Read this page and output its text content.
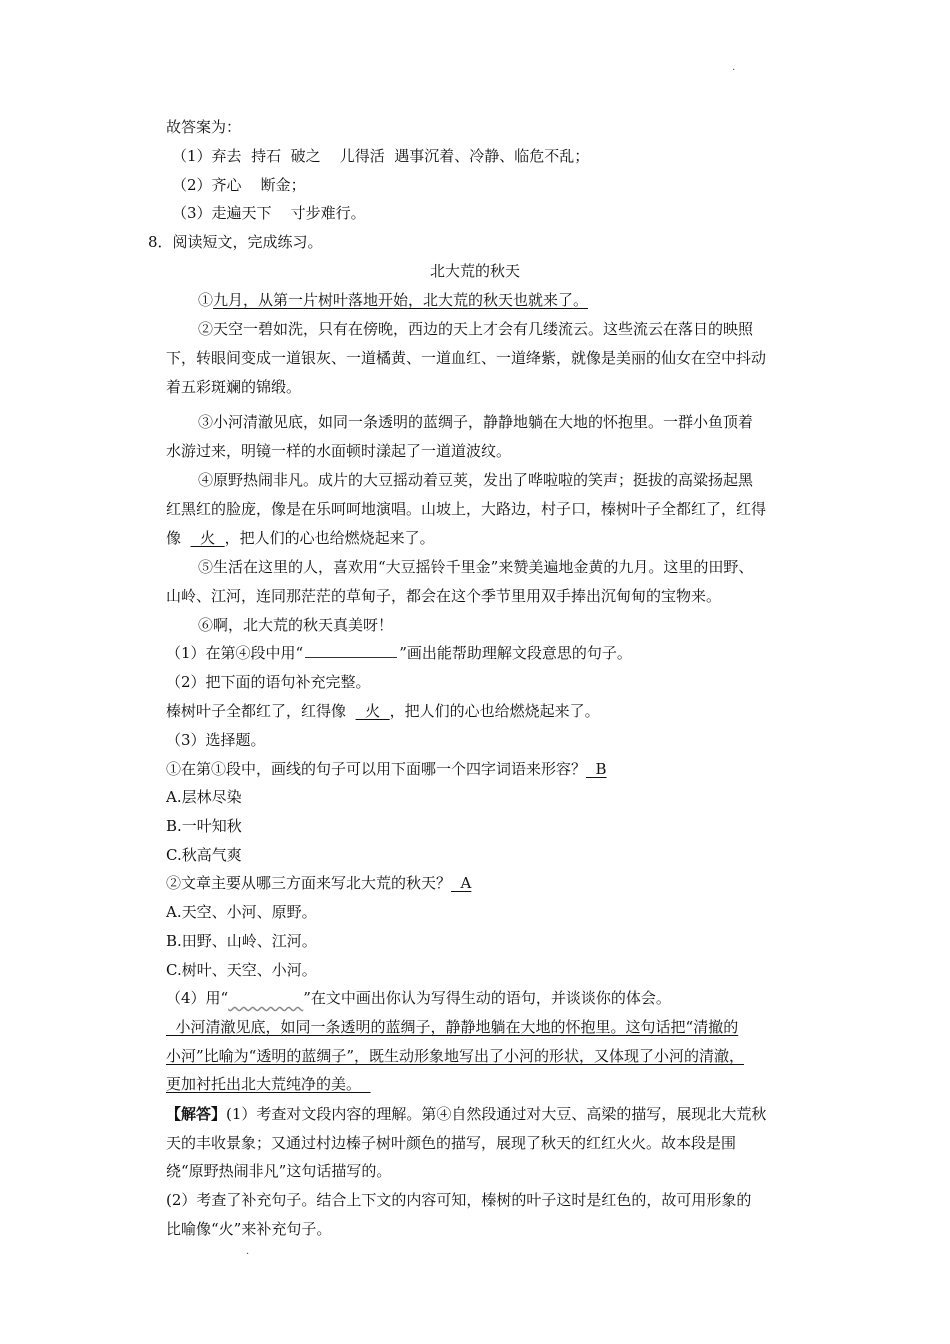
.
故答案为：
（1）弃去  持石  破之    儿得活  遇事沉着、冷静、临危不乱；
（2）齐心    断金；
（3）走遍天下    寸步难行。
8．阅读短文，完成练习。
北大荒的秋天
①九月，从第一片树叶落地开始，北大荒的秋天也就来了。
②天空一碧如洗，只有在傍晚，西边的天上才会有几缕流云。这些流云在落日的映照
下，转眼间变成一道银灰、一道橘黄、一道血红、一道绛紫，就像是美丽的仙女在空中抖动
着五彩斑斓的锦缎。
③小河清澈见底，如同一条透明的蓝绸子，静静地躺在大地的怀抱里。一群小鱼顶着
水游过来，明镜一样的水面顿时漾起了一道道波纹。
④原野热闹非凡。成片的大豆摇动着豆荚，发出了哗啦啦的笑声；挺拔的高粱扬起黑
红黑红的脸庞，像是在乐呵呵地演唱。山坡上，大路边，村子口，榛树叶子全都红了，红得
像    火  ，把人们的心也给燃烧起来了。
⑤生活在这里的人，喜欢用“大豆摇铃千里金”来赞美遍地金黄的九月。这里的田野、
山岭、江河，连同那茫茫的草甸子，都会在这个季节里用双手捧出沉甸甸的宝物来。
⑥啊，北大荒的秋天真美呀！
（1）在第④段中用“	”画出能帮助理解文段意思的句子。
（2）把下面的语句补充完整。
榛树叶子全都红了，红得像    火  ，把人们的心也给燃烧起来了。
（3）选择题。
①在第①段中，画线的句子可以用下面哪一个四字词语来形容？  B
A.层林尽染
B.一叶知秋
C.秋高气爽
②文章主要从哪三方面来写北大荒的秋天？  A
A.天空、小河、原野。
B.田野、山岭、江河。
C.树叶、天空、小河。
（4）用“          	”在文中画出你认为写得生动的语句，并谈谈你的体会。
小河清澈见底，如同一条透明的蓝绸子，静静地躺在大地的怀抱里。这句话把“清撤的
小河”比喻为“透明的蓝绸子”，既生动形象地写出了小河的形状，又体现了小河的清澈，
更加衬托出北大荒纯净的美。
【解答】(1）考查对文段内容的理解。第④自然段通过对大豆、高梁的描写，展现北大荒秋
天的丰收景象；又通过村边榛子树叶颜色的描写，展现了秋天的红红火火。故本段是围
绕“原野热闹非凡”这句话描写的。
(2）考查了补充句子。结合上下文的内容可知，榛树的叶子这时是红色的，故可用形象的
比喻像“火”来补充句子。
.
